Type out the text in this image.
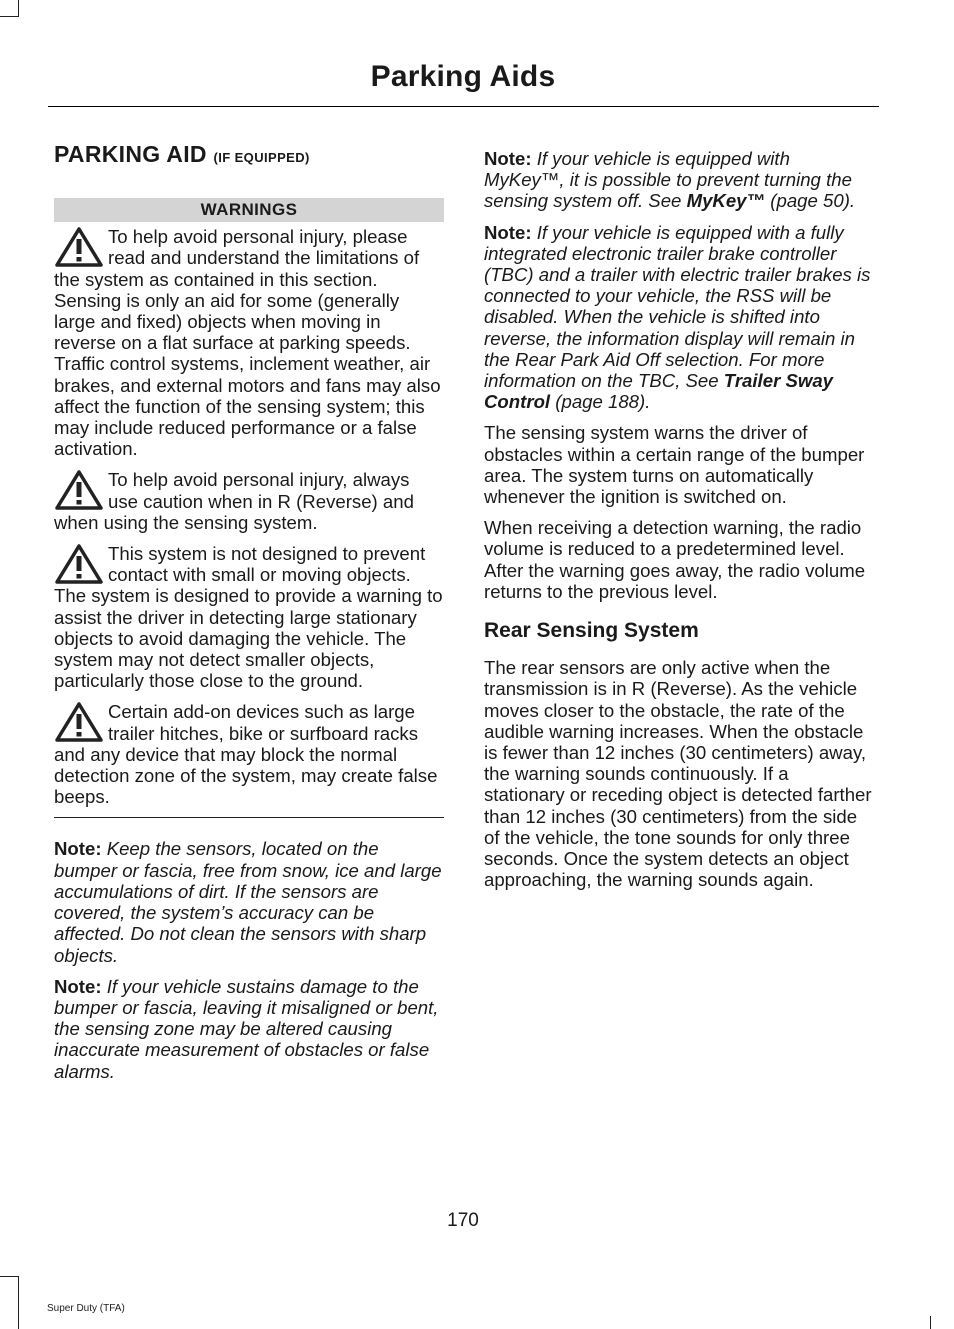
Parking Aids
PARKING AID (IF EQUIPPED)
WARNINGS

To help avoid personal injury, please read and understand the limitations of the system as contained in this section. Sensing is only an aid for some (generally large and fixed) objects when moving in reverse on a flat surface at parking speeds. Traffic control systems, inclement weather, air brakes, and external motors and fans may also affect the function of the sensing system; this may include reduced performance or a false activation.

To help avoid personal injury, always use caution when in R (Reverse) and when using the sensing system.

This system is not designed to prevent contact with small or moving objects. The system is designed to provide a warning to assist the driver in detecting large stationary objects to avoid damaging the vehicle. The system may not detect smaller objects, particularly those close to the ground.

Certain add-on devices such as large trailer hitches, bike or surfboard racks and any device that may block the normal detection zone of the system, may create false beeps.

Note: Keep the sensors, located on the bumper or fascia, free from snow, ice and large accumulations of dirt. If the sensors are covered, the system’s accuracy can be affected. Do not clean the sensors with sharp objects.

Note: If your vehicle sustains damage to the bumper or fascia, leaving it misaligned or bent, the sensing zone may be altered causing inaccurate measurement of obstacles or false alarms.

Note: If your vehicle is equipped with MyKey™, it is possible to prevent turning the sensing system off. See MyKey™ (page 50).

Note: If your vehicle is equipped with a fully integrated electronic trailer brake controller (TBC) and a trailer with electric trailer brakes is connected to your vehicle, the RSS will be disabled. When the vehicle is shifted into reverse, the information display will remain in the Rear Park Aid Off selection. For more information on the TBC, See Trailer Sway Control (page 188).

The sensing system warns the driver of obstacles within a certain range of the bumper area. The system turns on automatically whenever the ignition is switched on.

When receiving a detection warning, the radio volume is reduced to a predetermined level. After the warning goes away, the radio volume returns to the previous level.

Rear Sensing System

The rear sensors are only active when the transmission is in R (Reverse). As the vehicle moves closer to the obstacle, the rate of the audible warning increases. When the obstacle is fewer than 12 inches (30 centimeters) away, the warning sounds continuously. If a stationary or receding object is detected farther than 12 inches (30 centimeters) from the side of the vehicle, the tone sounds for only three seconds. Once the system detects an object approaching, the warning sounds again.

170
Super Duty (TFA)
